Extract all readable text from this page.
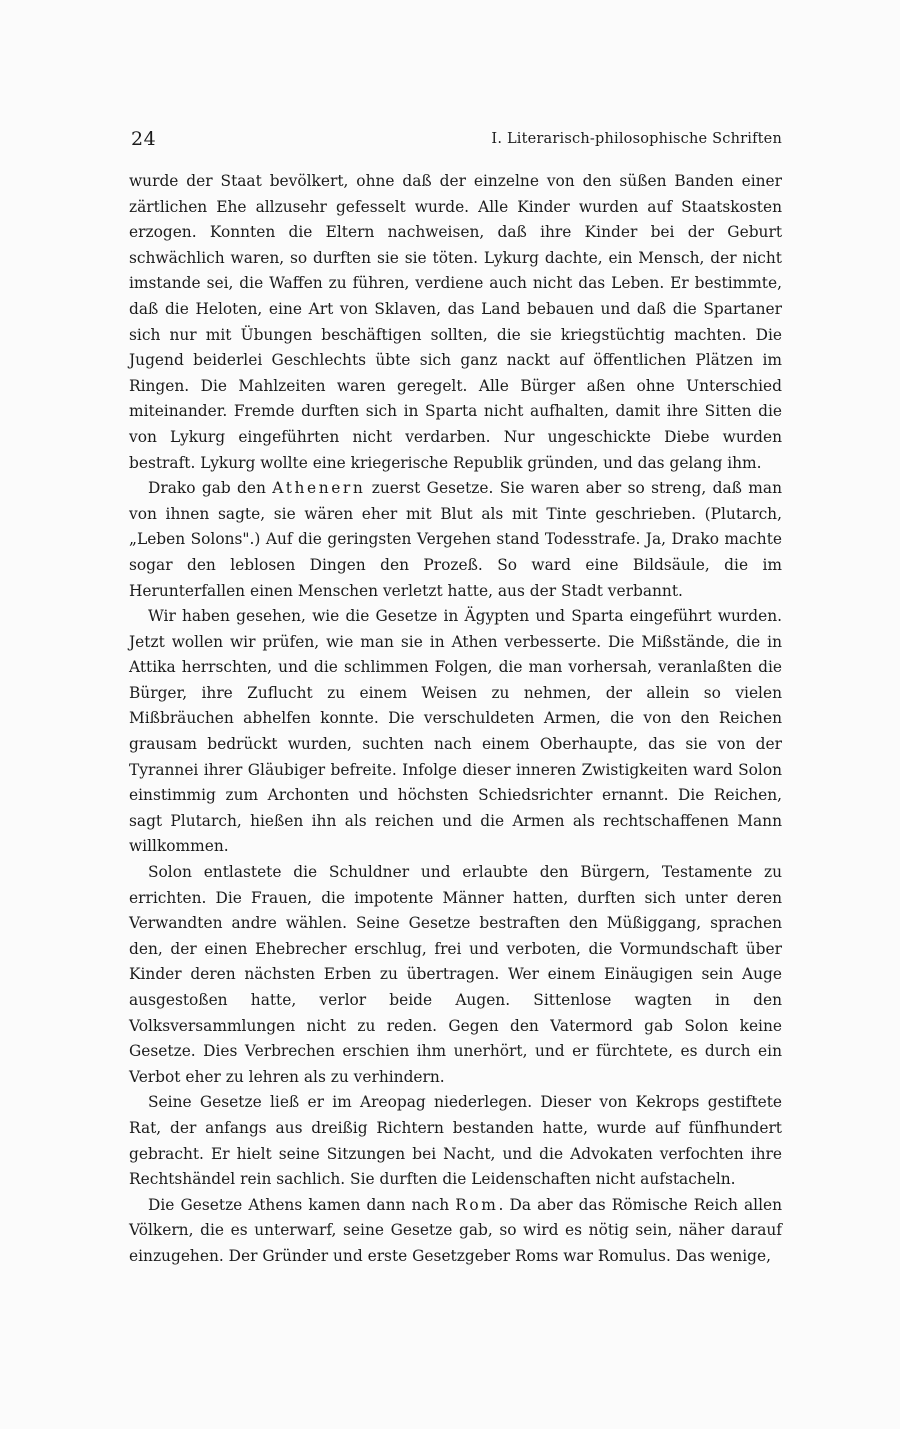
24	I. Literarisch-philosophische Schriften

wurde der Staat bevölkert, ohne daß der einzelne von den süßen Banden einer zärtlichen Ehe allzusehr gefesselt wurde. Alle Kinder wurden auf Staatskosten erzogen. Konnten die Eltern nachweisen, daß ihre Kinder bei der Geburt schwächlich waren, so durften sie sie töten. Lykurg dachte, ein Mensch, der nicht imstande sei, die Waffen zu führen, verdiene auch nicht das Leben. Er bestimmte, daß die Heloten, eine Art von Sklaven, das Land bebauen und daß die Spartaner sich nur mit Übungen beschäftigen sollten, die sie kriegstüchtig machten. Die Jugend beiderlei Geschlechts übte sich ganz nackt auf öffentlichen Plätzen im Ringen. Die Mahlzeiten waren geregelt. Alle Bürger aßen ohne Unterschied miteinander. Fremde durften sich in Sparta nicht aufhalten, damit ihre Sitten die von Lykurg eingeführten nicht verdarben. Nur ungeschickte Diebe wurden bestraft. Lykurg wollte eine kriegerische Republik gründen, und das gelang ihm.

Drako gab den Athenern zuerst Gesetze. Sie waren aber so streng, daß man von ihnen sagte, sie wären eher mit Blut als mit Tinte geschrieben. (Plutarch, „Leben Solons".) Auf die geringsten Vergehen stand Todesstrafe. Ja, Drako machte sogar den leblosen Dingen den Prozeß. So ward eine Bildsäule, die im Herunterfallen einen Menschen verletzt hatte, aus der Stadt verbannt.

Wir haben gesehen, wie die Gesetze in Ägypten und Sparta eingeführt wurden. Jetzt wollen wir prüfen, wie man sie in Athen verbesserte. Die Mißstände, die in Attika herrschten, und die schlimmen Folgen, die man vorhersah, veranlaßten die Bürger, ihre Zuflucht zu einem Weisen zu nehmen, der allein so vielen Mißbräuchen abhelfen konnte. Die verschuldeten Armen, die von den Reichen grausam bedrückt wurden, suchten nach einem Oberhaupte, das sie von der Tyrannei ihrer Gläubiger befreite. Infolge dieser inneren Zwistigkeiten ward Solon einstimmig zum Archonten und höchsten Schiedsrichter ernannt. Die Reichen, sagt Plutarch, hießen ihn als reichen und die Armen als rechtschaffenen Mann willkommen.

Solon entlastete die Schuldner und erlaubte den Bürgern, Testamente zu errichten. Die Frauen, die impotente Männer hatten, durften sich unter deren Verwandten andre wählen. Seine Gesetze bestraften den Müßiggang, sprachen den, der einen Ehebrecher erschlug, frei und verboten, die Vormundschaft über Kinder deren nächsten Erben zu übertragen. Wer einem Einäugigen sein Auge ausgestoßen hatte, verlor beide Augen. Sittenlose wagten in den Volksversammlungen nicht zu reden. Gegen den Vatermord gab Solon keine Gesetze. Dies Verbrechen erschien ihm unerhört, und er fürchtete, es durch ein Verbot eher zu lehren als zu verhindern.

Seine Gesetze ließ er im Areopag niederlegen. Dieser von Kekrops gestiftete Rat, der anfangs aus dreißig Richtern bestanden hatte, wurde auf fünfhundert gebracht. Er hielt seine Sitzungen bei Nacht, und die Advokaten verfochten ihre Rechtshändel rein sachlich. Sie durften die Leidenschaften nicht aufstacheln.

Die Gesetze Athens kamen dann nach Rom. Da aber das Römische Reich allen Völkern, die es unterwarf, seine Gesetze gab, so wird es nötig sein, näher darauf einzugehen. Der Gründer und erste Gesetzgeber Roms war Romulus. Das wenige,
